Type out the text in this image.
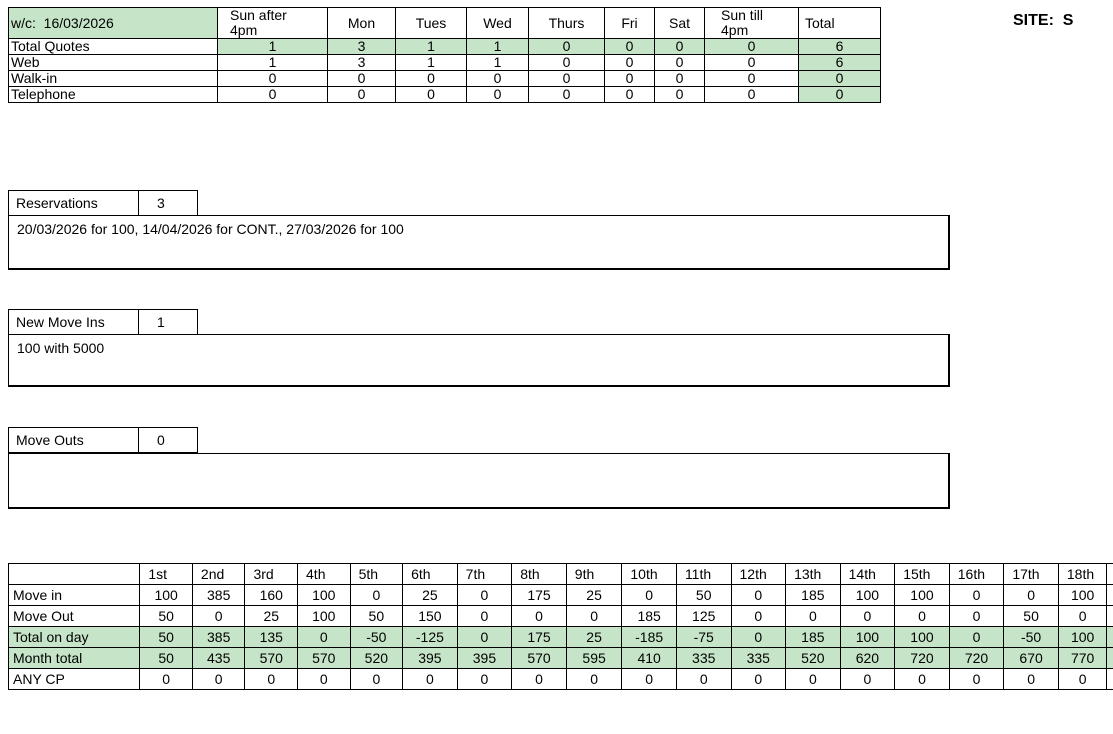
SITE: S
w/c: 16/03/2026	Sun after 4pm	Mon	Tues	Wed	Thurs	Fri	Sat	Sun till 4pm	Total
Total Quotes	1	3	1	1	0	0	0	0	6
Web	1	3	1	1	0	0	0	0	6
Walk-in	0	0	0	0	0	0	0	0	0
Telephone	0	0	0	0	0	0	0	0	0
Reservations	3
20/03/2026 for 100, 14/04/2026 for CONT., 27/03/2026 for 100
New Move Ins	1
100 with 5000
Move Outs	0
	1st	2nd	3rd	4th	5th	6th	7th	8th	9th	10th	11th	12th	13th	14th	15th	16th	17th	18th	
Move in	100	385	160	100	0	25	0	175	25	0	50	0	185	100	100	0	0	100	
Move Out	50	0	25	100	50	150	0	0	0	185	125	0	0	0	0	0	50	0	
Total on day	50	385	135	0	-50	-125	0	175	25	-185	-75	0	185	100	100	0	-50	100	
Month total	50	435	570	570	520	395	395	570	595	410	335	335	520	620	720	720	670	770	
ANY CP	0	0	0	0	0	0	0	0	0	0	0	0	0	0	0	0	0	0	
